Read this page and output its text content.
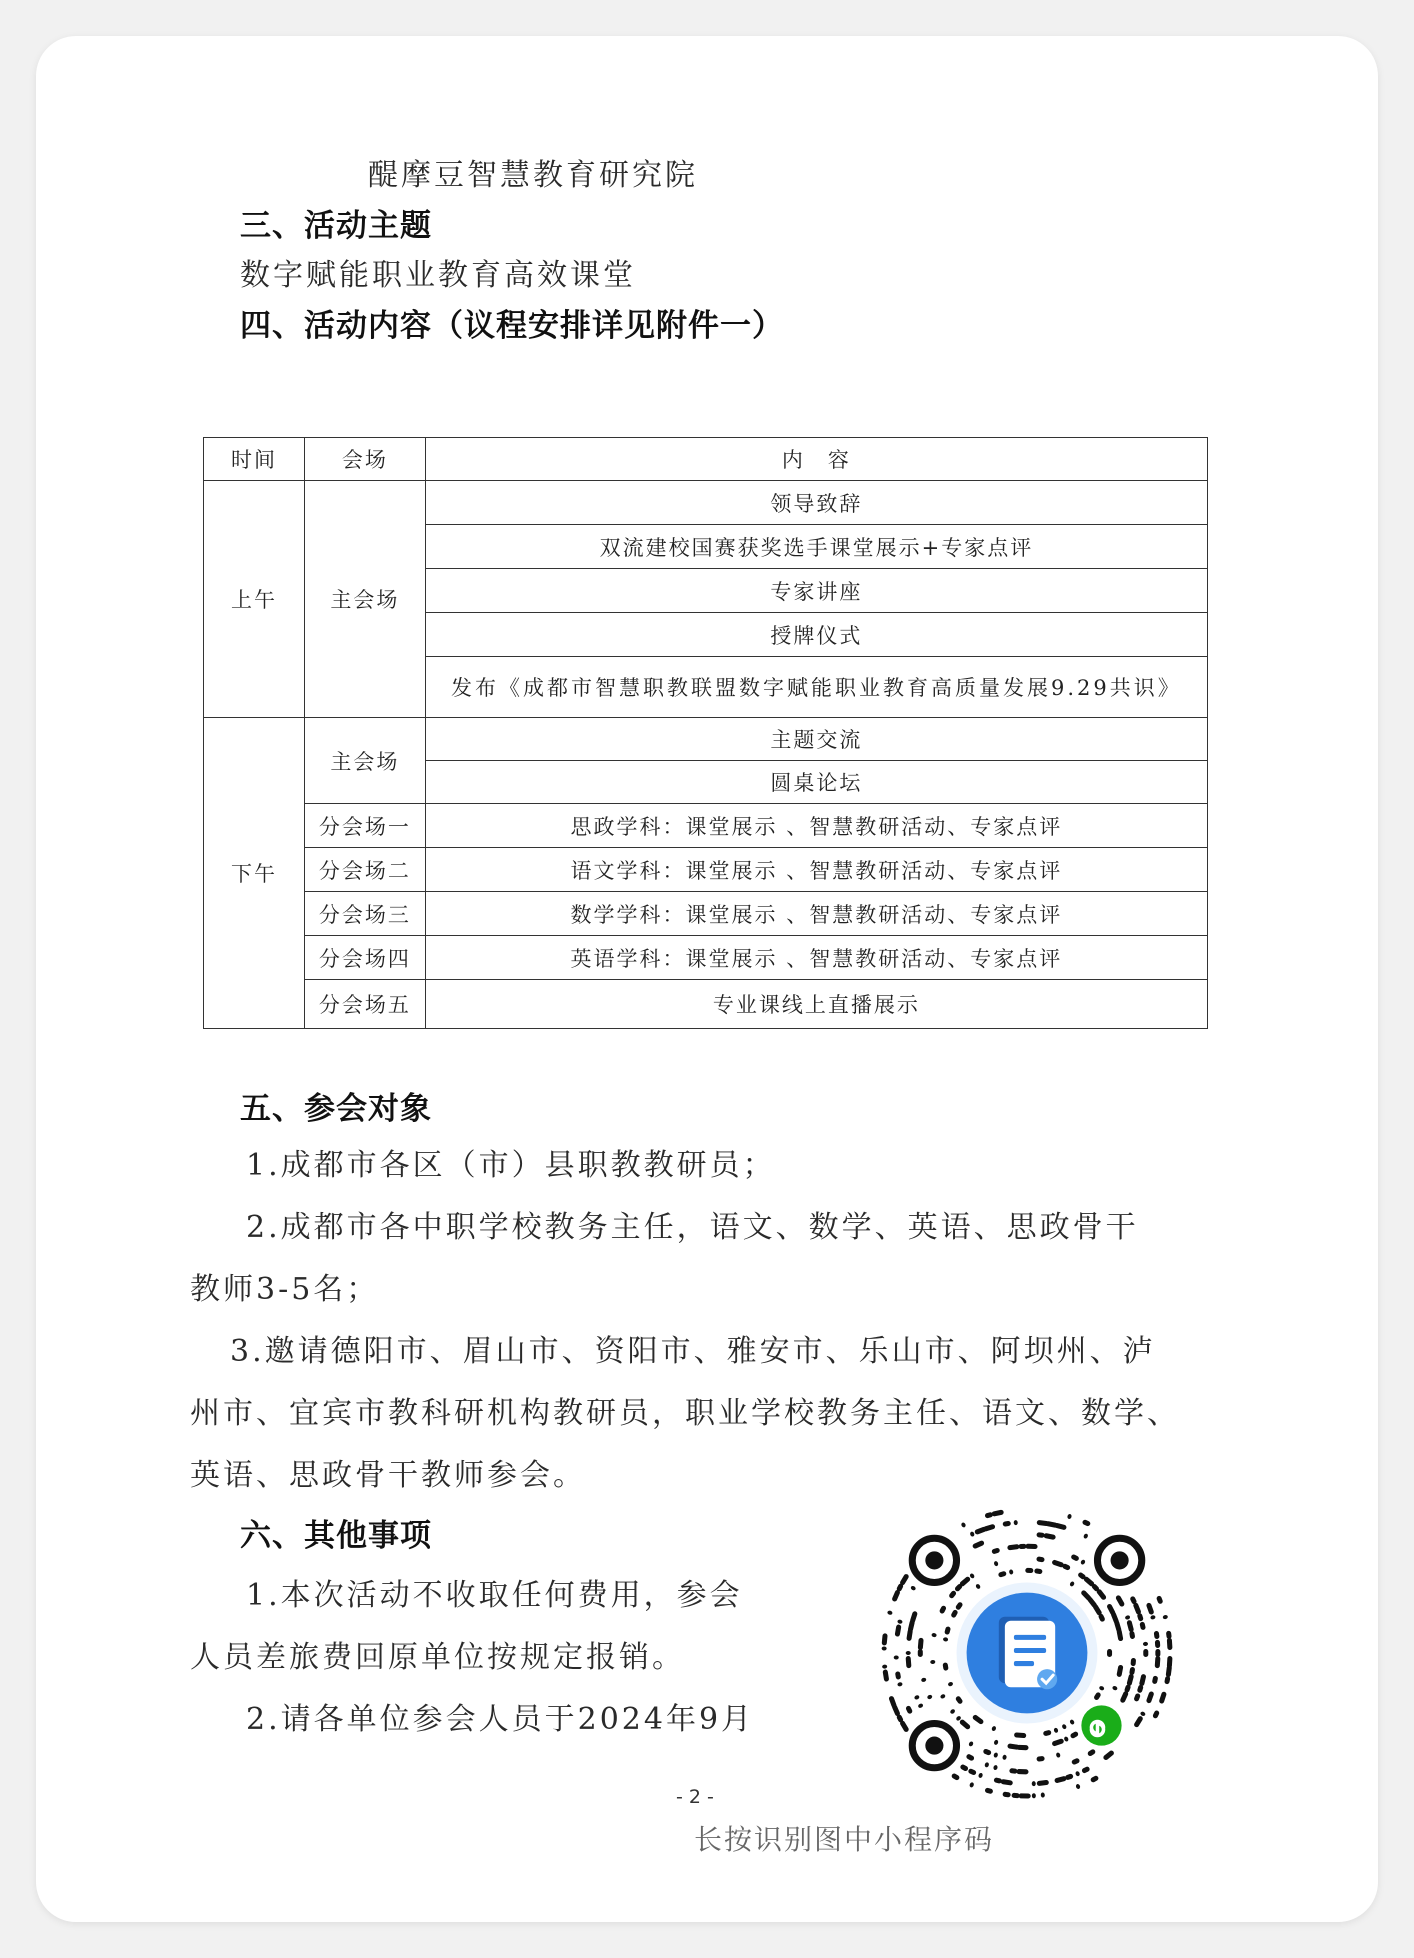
醍摩豆智慧教育研究院
三、活动主题
数字赋能职业教育高效课堂
四、活动内容（议程安排详见附件一）
时间	会场	内　容
上午	主会场	领导致辞
		双流建校国赛获奖选手课堂展示+专家点评
		专家讲座
		授牌仪式
		发布《成都市智慧职教联盟数字赋能职业教育高质量发展9.29共识》
下午	主会场	主题交流
		圆桌论坛
	分会场一	思政学科：课堂展示 、智慧教研活动、专家点评
	分会场二	语文学科：课堂展示 、智慧教研活动、专家点评
	分会场三	数学学科：课堂展示 、智慧教研活动、专家点评
	分会场四	英语学科：课堂展示 、智慧教研活动、专家点评
	分会场五	专业课线上直播展示
五、参会对象
1.成都市各区（市）县职教教研员；
2.成都市各中职学校教务主任，语文、数学、英语、思政骨干
教师3-5名；
3.邀请德阳市、眉山市、资阳市、雅安市、乐山市、阿坝州、泸
州市、宜宾市教科研机构教研员，职业学校教务主任、语文、数学、
英语、思政骨干教师参会。
六、其他事项
1.本次活动不收取任何费用，参会
人员差旅费回原单位按规定报销。
2.请各单位参会人员于2024年9月
- 2 -
长按识别图中小程序码
